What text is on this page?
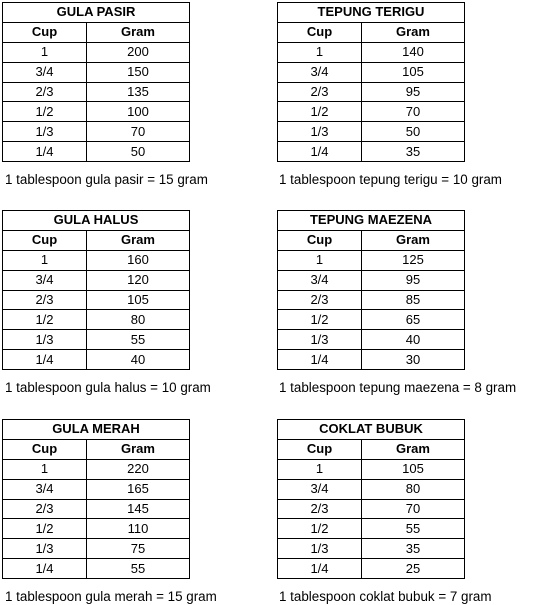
GULA PASIR	
Cup	Gram
1	200
3/4	150
2/3	135
1/2	100
1/3	70
1/4	50
1 tablespoon gula pasir = 15 gram
TEPUNG TERIGU	
Cup	Gram
1	140
3/4	105
2/3	95
1/2	70
1/3	50
1/4	35
1 tablespoon tepung terigu = 10 gram
GULA HALUS	
Cup	Gram
1	160
3/4	120
2/3	105
1/2	80
1/3	55
1/4	40
1 tablespoon gula halus = 10 gram
TEPUNG MAEZENA	
Cup	Gram
1	125
3/4	95
2/3	85
1/2	65
1/3	40
1/4	30
1 tablespoon tepung maezena = 8 gram
GULA MERAH	
Cup	Gram
1	220
3/4	165
2/3	145
1/2	110
1/3	75
1/4	55
1 tablespoon gula merah = 15 gram
COKLAT BUBUK	
Cup	Gram
1	105
3/4	80
2/3	70
1/2	55
1/3	35
1/4	25
1 tablespoon coklat bubuk = 7 gram
